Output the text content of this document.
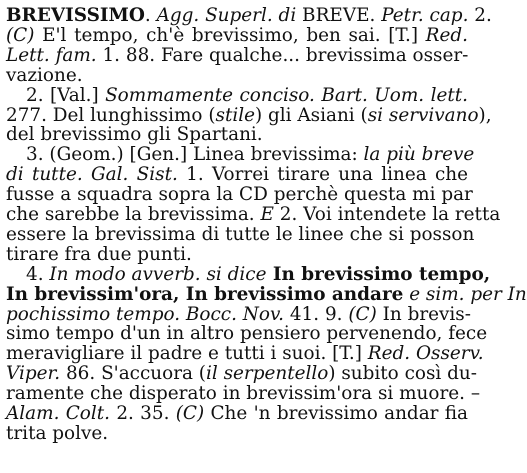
BREVISSIMO. Agg. Superl. di BREVE. Petr. cap. 2.
(C) E'l tempo, ch'è brevissimo, ben sai. [T.] Red.
Lett. fam. 1. 88. Fare qualche... brevissima osser-
vazione.
2. [Val.] Sommamente conciso. Bart. Uom. lett.
277. Del lunghissimo (stile) gli Asiani (si servivano),
del brevissimo gli Spartani.
3. (Geom.) [Gen.] Linea brevissima: la più breve
di tutte. Gal. Sist. 1. Vorrei tirare una linea che
fusse a squadra sopra la CD perchè questa mi par
che sarebbe la brevissima. E 2. Voi intendete la retta
essere la brevissima di tutte le linee che si posson
tirare fra due punti.
4. In modo avverb. si dice In brevissimo tempo,
In brevissim'ora, In brevissimo andare e sim. per In
pochissimo tempo. Bocc. Nov. 41. 9. (C) In brevis-
simo tempo d'un in altro pensiero pervenendo, fece
meravigliare il padre e tutti i suoi. [T.] Red. Osserv.
Viper. 86. S'accuora (il serpentello) subito così du-
ramente che disperato in brevissim'ora si muore. –
Alam. Colt. 2. 35. (C) Che 'n brevissimo andar fia
trita polve.
